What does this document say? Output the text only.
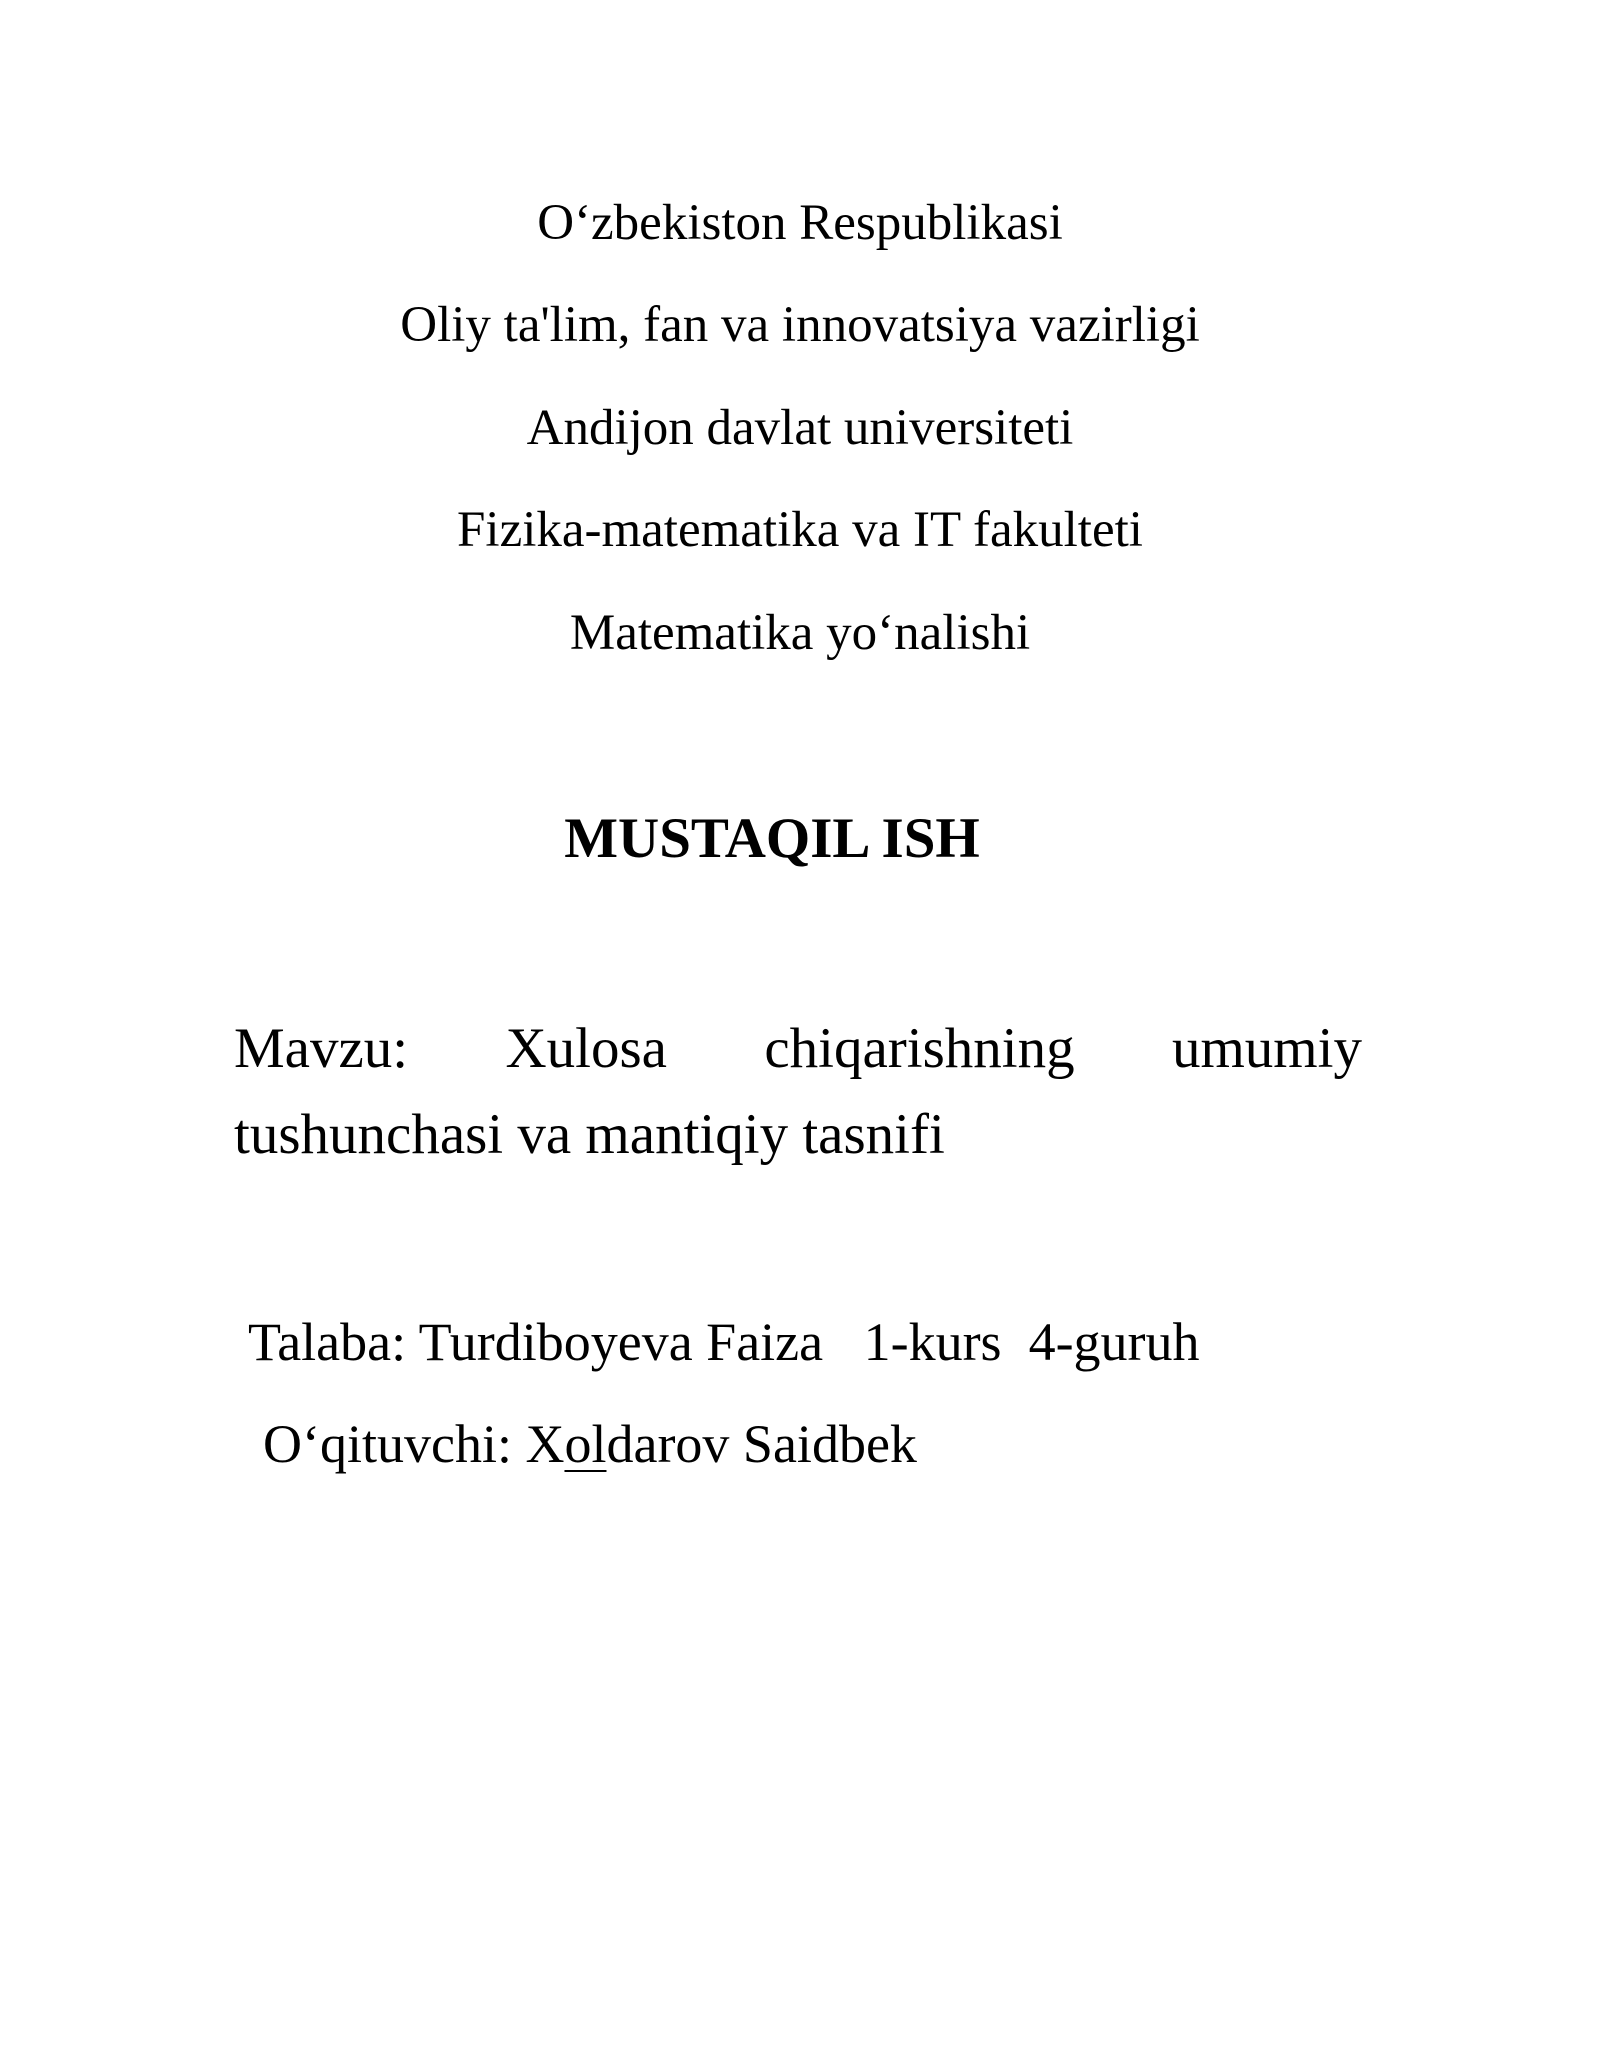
O‘zbekiston Respublikasi
Oliy ta'lim, fan va innovatsiya vazirligi
Andijon davlat universiteti
Fizika-matematika va IT fakulteti
Matematika yo‘nalishi
MUSTAQIL ISH
Mavzu: Xulosa chiqarishning umumiy
tushunchasi va mantiqiy tasnifi
Talaba: Turdiboyeva Faiza   1-kurs  4-guruh
O‘qituvchi: Xoldarov Saidbek
